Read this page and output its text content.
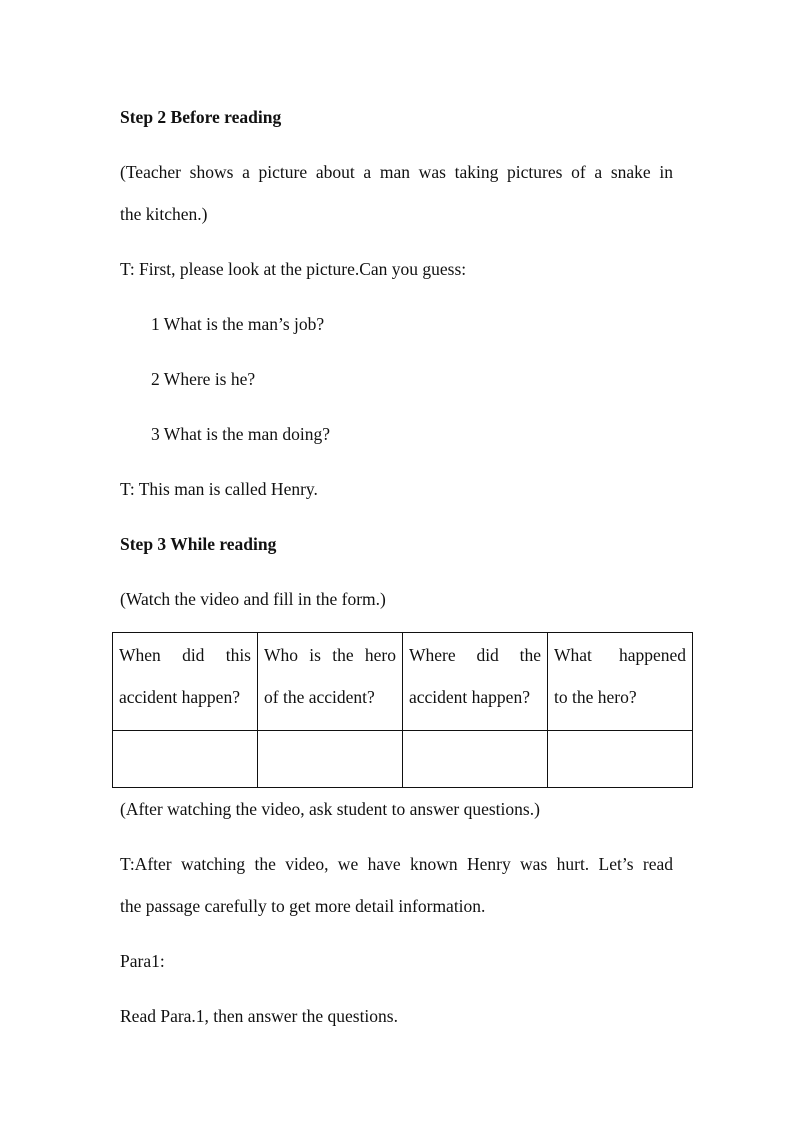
Step 2 Before reading
(Teacher shows a picture about a man was taking pictures of a snake in
the kitchen.)
T: First, please look at the picture.Can you guess:
1 What is the man’s job?
2 Where is he?
3 What is the man doing?
T: This man is called Henry.
Step 3 While reading
(Watch the video and fill in the form.)
When did this
accident happen?	Who is the hero
of the accident?	Where did the
accident happen?	What happened
to the hero?

(After watching the video, ask student to answer questions.)
T:After watching the video, we have known Henry was hurt. Let’s read
the passage carefully to get more detail information.
Para1:
Read Para.1, then answer the questions.
